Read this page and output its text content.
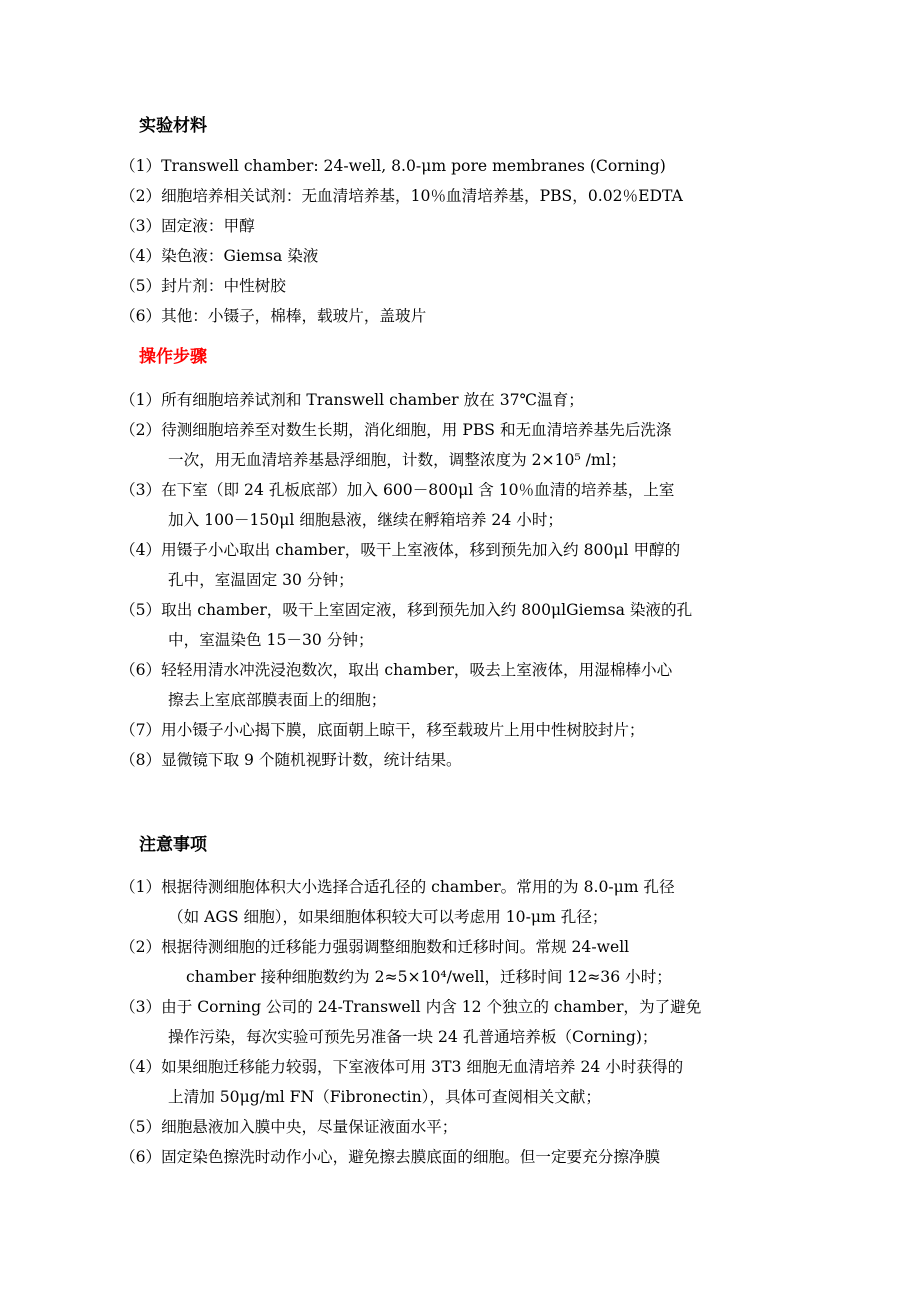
实验材料
（1）Transwell chamber: 24-well, 8.0-μm pore membranes (Corning)
（2）细胞培养相关试剂：无血清培养基，10％血清培养基，PBS，0.02％EDTA
（3）固定液：甲醇
（4）染色液：Giemsa 染液
（5）封片剂：中性树胶
（6）其他：小镊子，棉棒，载玻片，盖玻片
操作步骤
（1）所有细胞培养试剂和 Transwell chamber 放在 37℃温育；
（2）待测细胞培养至对数生长期，消化细胞，用 PBS 和无血清培养基先后洗涤
一次，用无血清培养基悬浮细胞，计数，调整浓度为 2×10⁵ /ml；
（3）在下室（即 24 孔板底部）加入 600－800μl 含 10％血清的培养基，上室
加入 100－150μl 细胞悬液，继续在孵箱培养 24 小时；
（4）用镊子小心取出 chamber，吸干上室液体，移到预先加入约 800μl 甲醇的
孔中，室温固定 30 分钟；
（5）取出 chamber，吸干上室固定液，移到预先加入约 800μlGiemsa 染液的孔
中，室温染色 15－30 分钟；
（6）轻轻用清水冲洗浸泡数次，取出 chamber，吸去上室液体，用湿棉棒小心
擦去上室底部膜表面上的细胞；
（7）用小镊子小心揭下膜，底面朝上晾干，移至载玻片上用中性树胶封片；
（8）显微镜下取 9 个随机视野计数，统计结果。
注意事项
（1）根据待测细胞体积大小选择合适孔径的 chamber。常用的为 8.0-μm 孔径
（如 AGS 细胞），如果细胞体积较大可以考虑用 10-μm 孔径；
（2）根据待测细胞的迁移能力强弱调整细胞数和迁移时间。常规 24-well
chamber 接种细胞数约为 2≈5×10⁴/well，迁移时间 12≈36 小时；
（3）由于 Corning 公司的 24-Transwell 内含 12 个独立的 chamber，为了避免
操作污染，每次实验可预先另准备一块 24 孔普通培养板（Corning)；
（4）如果细胞迁移能力较弱，下室液体可用 3T3 细胞无血清培养 24 小时获得的
上清加 50μg/ml FN（Fibronectin），具体可查阅相关文献；
（5）细胞悬液加入膜中央，尽量保证液面水平；
（6）固定染色擦洗时动作小心，避免擦去膜底面的细胞。但一定要充分擦净膜
